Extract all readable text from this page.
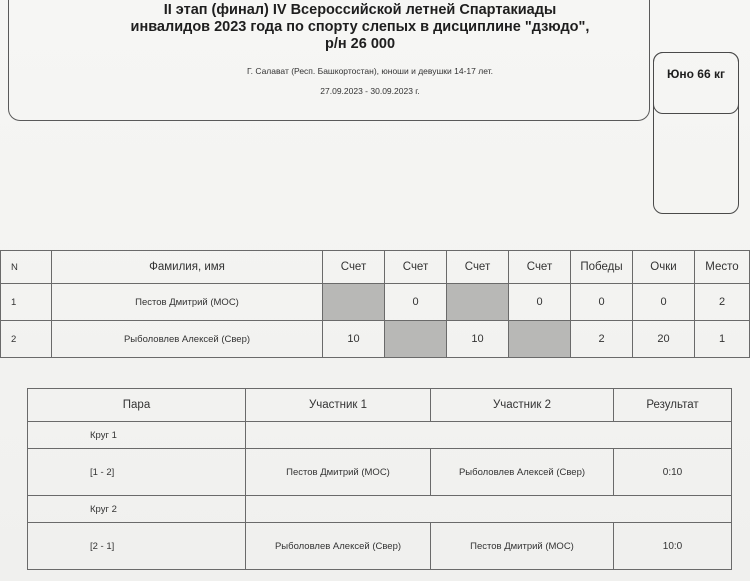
II этап (финал) IV Всероссийской летней Спартакиады
инвалидов 2023 года по спорту слепых в дисциплине "дзюдо",
р/н 26 000
Г. Салават (Респ. Башкортостан), юноши и девушки 14-17 лет.
27.09.2023 - 30.09.2023 г.
Юно 66 кг
N	Фамилия, имя	Счет	Счет	Счет	Счет	Победы	Очки	Место
1	Пестов Дмитрий (МОС)		0		0	0	0	2
2	Рыболовлев Алексей (Свер)	10		10		2	20	1
Пара	Участник 1	Участник 2	Результат
Круг 1			
[1 - 2]	Пестов Дмитрий (МОС)	Рыболовлев Алексей (Свер)	0:10
Круг 2			
[2 - 1]	Рыболовлев Алексей (Свер)	Пестов Дмитрий (МОС)	10:0
